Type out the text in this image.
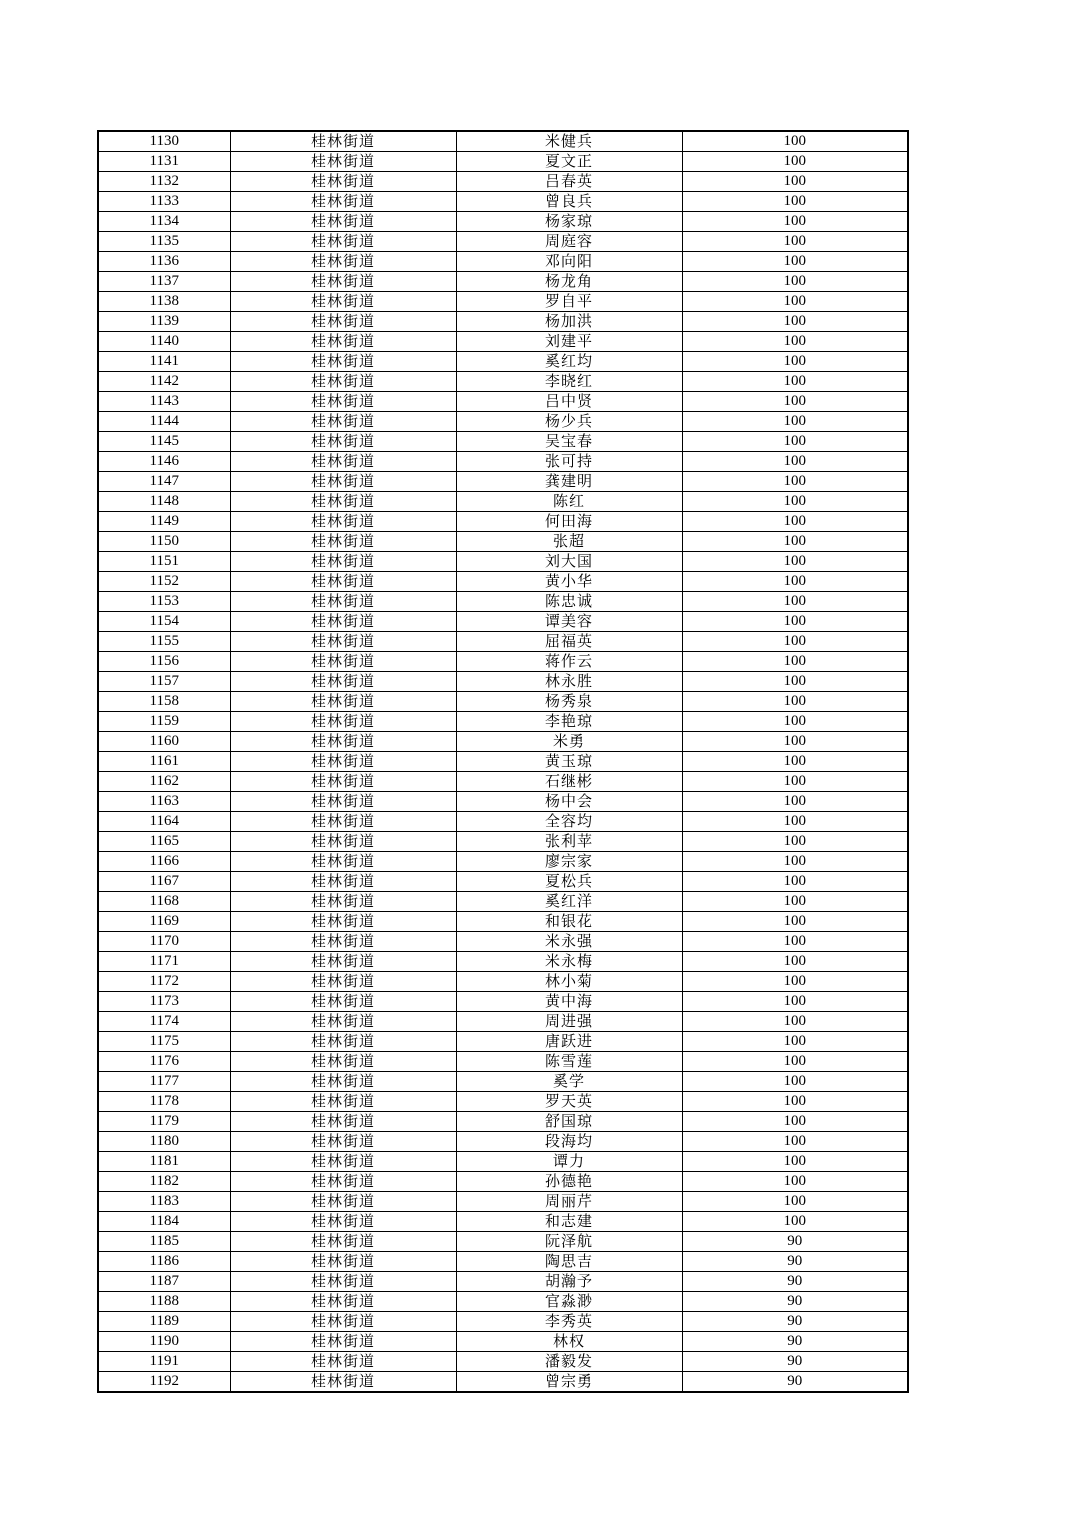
1130	桂林街道	米健兵	100
1131	桂林街道	夏文正	100
1132	桂林街道	吕春英	100
1133	桂林街道	曾良兵	100
1134	桂林街道	杨家琼	100
1135	桂林街道	周庭容	100
1136	桂林街道	邓向阳	100
1137	桂林街道	杨龙角	100
1138	桂林街道	罗自平	100
1139	桂林街道	杨加洪	100
1140	桂林街道	刘建平	100
1141	桂林街道	奚红均	100
1142	桂林街道	李晓红	100
1143	桂林街道	吕中贤	100
1144	桂林街道	杨少兵	100
1145	桂林街道	吴宝春	100
1146	桂林街道	张可持	100
1147	桂林街道	龚建明	100
1148	桂林街道	陈红	100
1149	桂林街道	何田海	100
1150	桂林街道	张超	100
1151	桂林街道	刘大国	100
1152	桂林街道	黄小华	100
1153	桂林街道	陈忠诚	100
1154	桂林街道	谭美容	100
1155	桂林街道	屈福英	100
1156	桂林街道	蒋作云	100
1157	桂林街道	林永胜	100
1158	桂林街道	杨秀泉	100
1159	桂林街道	李艳琼	100
1160	桂林街道	米勇	100
1161	桂林街道	黄玉琼	100
1162	桂林街道	石继彬	100
1163	桂林街道	杨中会	100
1164	桂林街道	全容均	100
1165	桂林街道	张利苹	100
1166	桂林街道	廖宗家	100
1167	桂林街道	夏松兵	100
1168	桂林街道	奚红洋	100
1169	桂林街道	和银花	100
1170	桂林街道	米永强	100
1171	桂林街道	米永梅	100
1172	桂林街道	林小菊	100
1173	桂林街道	黄中海	100
1174	桂林街道	周进强	100
1175	桂林街道	唐跃进	100
1176	桂林街道	陈雪莲	100
1177	桂林街道	奚学	100
1178	桂林街道	罗天英	100
1179	桂林街道	舒国琼	100
1180	桂林街道	段海均	100
1181	桂林街道	谭力	100
1182	桂林街道	孙德艳	100
1183	桂林街道	周丽芹	100
1184	桂林街道	和志建	100
1185	桂林街道	阮泽航	90
1186	桂林街道	陶思吉	90
1187	桂林街道	胡瀚予	90
1188	桂林街道	官淼渺	90
1189	桂林街道	李秀英	90
1190	桂林街道	林权	90
1191	桂林街道	潘毅发	90
1192	桂林街道	曾宗勇	90
